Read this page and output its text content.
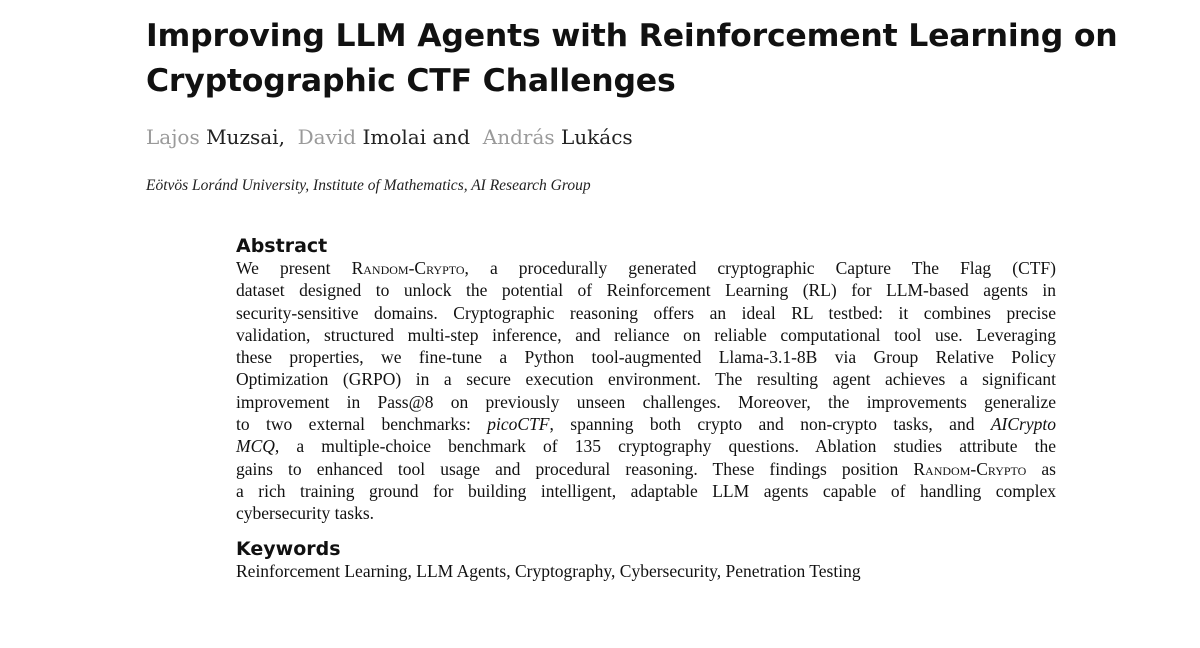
Improving LLM Agents with Reinforcement Learning on
Cryptographic CTF Challenges
Lajos Muzsai, David Imolai and András Lukács
Eötvös Loránd University, Institute of Mathematics, AI Research Group
Abstract
We present Random-Crypto, a procedurally generated cryptographic Capture The Flag (CTF)
dataset designed to unlock the potential of Reinforcement Learning (RL) for LLM-based agents in
security-sensitive domains. Cryptographic reasoning offers an ideal RL testbed: it combines precise
validation, structured multi-step inference, and reliance on reliable computational tool use. Leveraging
these properties, we fine-tune a Python tool-augmented Llama-3.1-8B via Group Relative Policy
Optimization (GRPO) in a secure execution environment. The resulting agent achieves a significant
improvement in Pass@8 on previously unseen challenges. Moreover, the improvements generalize
to two external benchmarks: picoCTF, spanning both crypto and non-crypto tasks, and AICrypto
MCQ, a multiple-choice benchmark of 135 cryptography questions. Ablation studies attribute the
gains to enhanced tool usage and procedural reasoning. These findings position Random-Crypto as
a rich training ground for building intelligent, adaptable LLM agents capable of handling complex
cybersecurity tasks.
Keywords
Reinforcement Learning, LLM Agents, Cryptography, Cybersecurity, Penetration Testing
